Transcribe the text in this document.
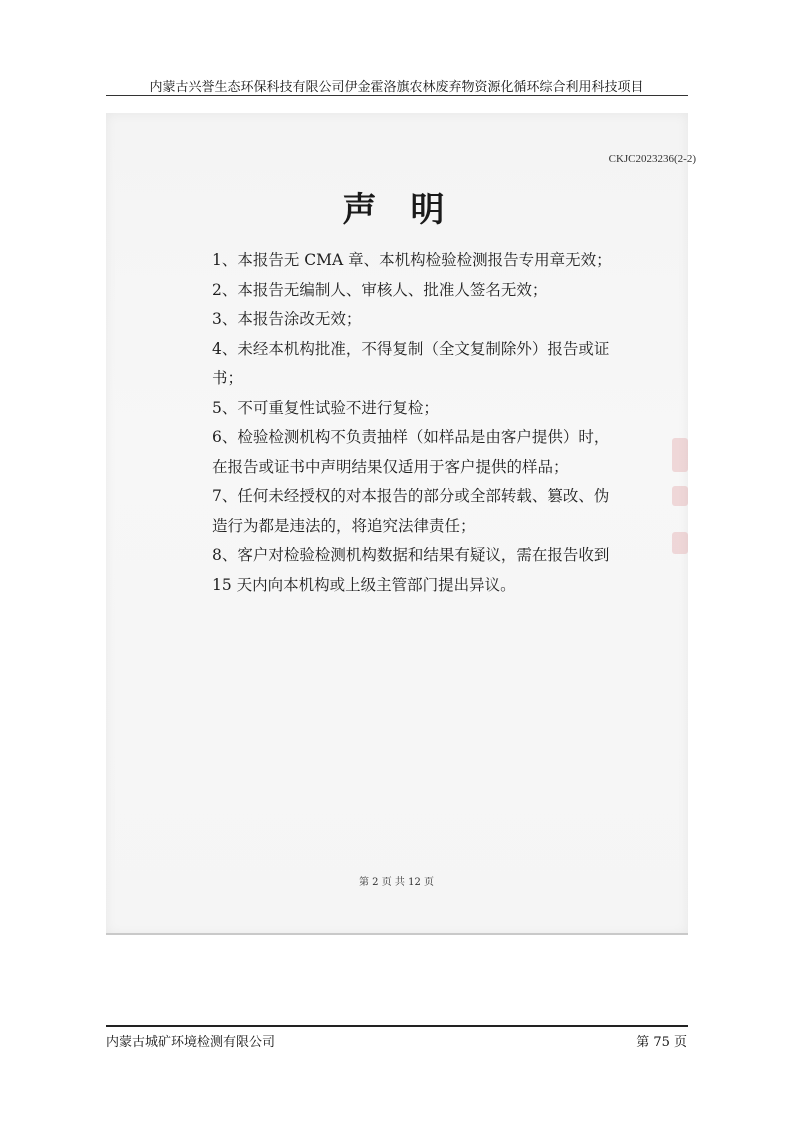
内蒙古兴誉生态环保科技有限公司伊金霍洛旗农林废弃物资源化循环综合利用科技项目
CKJC2023236(2-2)
声明

1、本报告无 CMA 章、本机构检验检测报告专用章无效；

2、本报告无编制人、审核人、批准人签名无效；

3、本报告涂改无效；

4、未经本机构批准，不得复制（全文复制除外）报告或证书；

5、不可重复性试验不进行复检；

6、检验检测机构不负责抽样（如样品是由客户提供）时，在报告或证书中声明结果仅适用于客户提供的样品；

7、任何未经授权的对本报告的部分或全部转载、篡改、伪造行为都是违法的，将追究法律责任；

8、客户对检验检测机构数据和结果有疑议，需在报告收到 15 天内向本机构或上级主管部门提出异议。

第 2 页 共 12 页
内蒙古城矿环境检测有限公司	第 75 页
